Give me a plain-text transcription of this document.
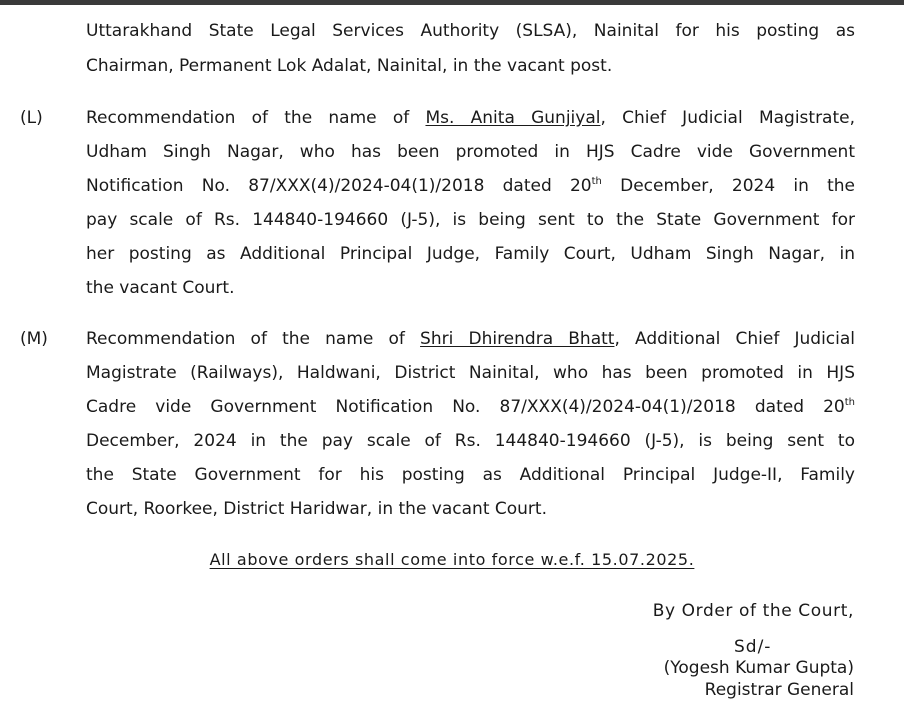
Uttarakhand State Legal Services Authority (SLSA), Nainital for his posting as
Chairman, Permanent Lok Adalat, Nainital, in the vacant post.
(L)	Recommendation of the name of Ms. Anita Gunjiyal, Chief Judicial Magistrate,
Udham Singh Nagar, who has been promoted in HJS Cadre vide Government
Notification No. 87/XXX(4)/2024-04(1)/2018 dated 20th December, 2024 in the
pay scale of Rs. 144840-194660 (J-5), is being sent to the State Government for
her posting as Additional Principal Judge, Family Court, Udham Singh Nagar, in
the vacant Court.
(M) Recommendation of the name of Shri Dhirendra Bhatt, Additional Chief Judicial
Magistrate (Railways), Haldwani, District Nainital, who has been promoted in HJS
Cadre vide Government Notification No. 87/XXX(4)/2024-04(1)/2018 dated 20th
December, 2024 in the pay scale of Rs. 144840-194660 (J-5), is being sent to
the State Government for his posting as Additional Principal Judge-II, Family
Court, Roorkee, District Haridwar, in the vacant Court.
All above orders shall come into force w.e.f. 15.07.2025.
By Order of the Court,
Sd/-
(Yogesh Kumar Gupta)
Registrar General
